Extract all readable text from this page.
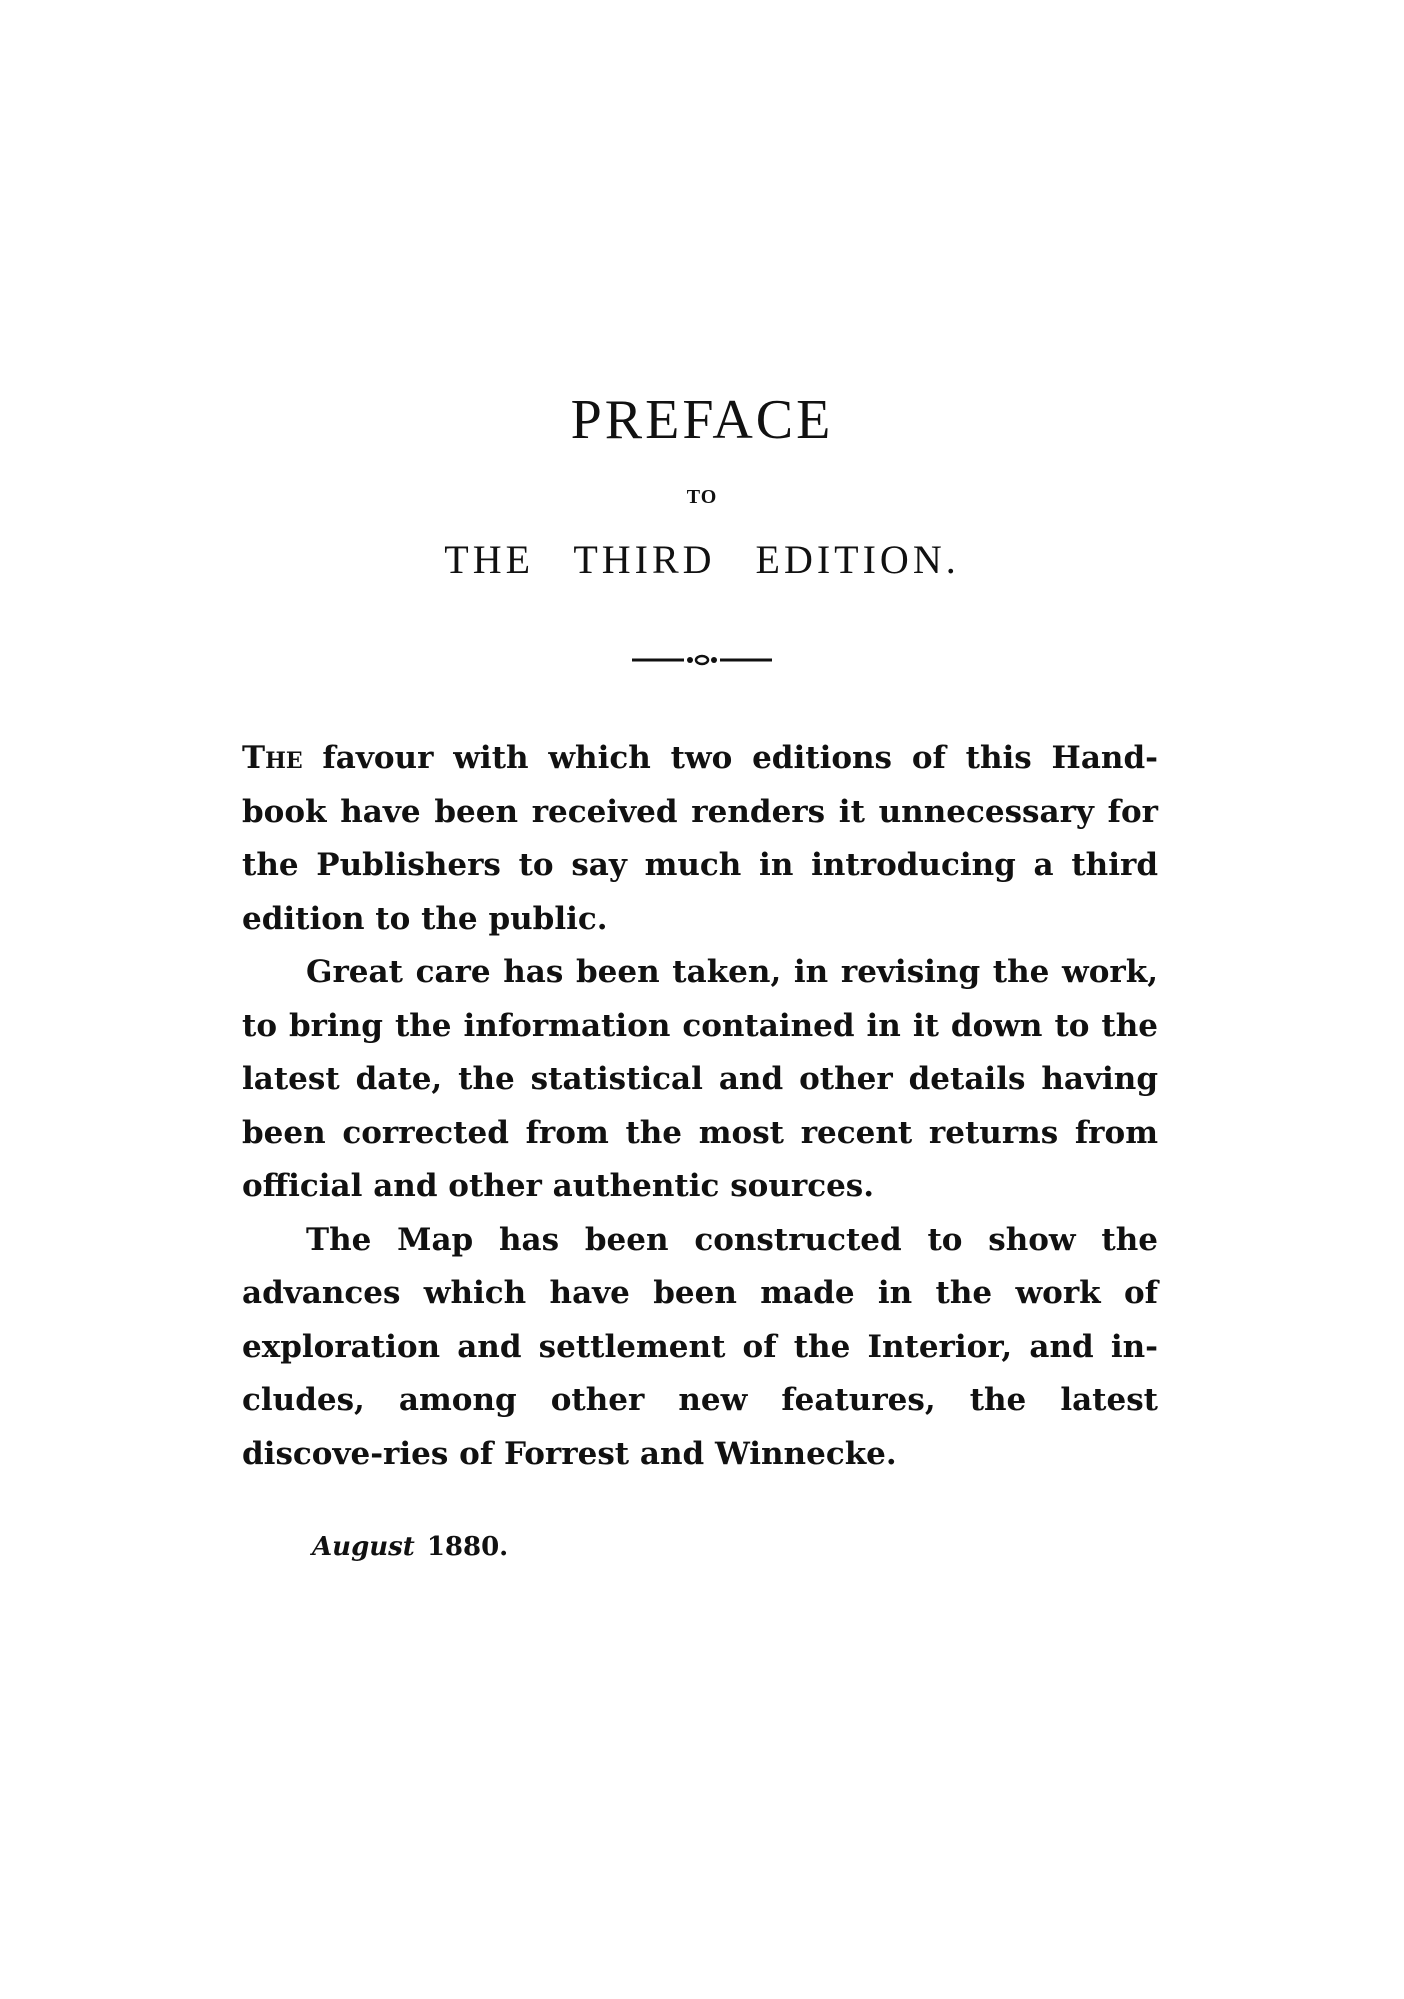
PREFACE
TO
THE THIRD EDITION.

The favour with which two editions of this Hand-book have been received renders it unnecessary for the Publishers to say much in introducing a third edition to the public.

Great care has been taken, in revising the work, to bring the information contained in it down to the latest date, the statistical and other details having been corrected from the most recent returns from official and other authentic sources.

The Map has been constructed to show the advances which have been made in the work of exploration and settlement of the Interior, and in-cludes, among other new features, the latest discove-ries of Forrest and Winnecke.

August 1880.
